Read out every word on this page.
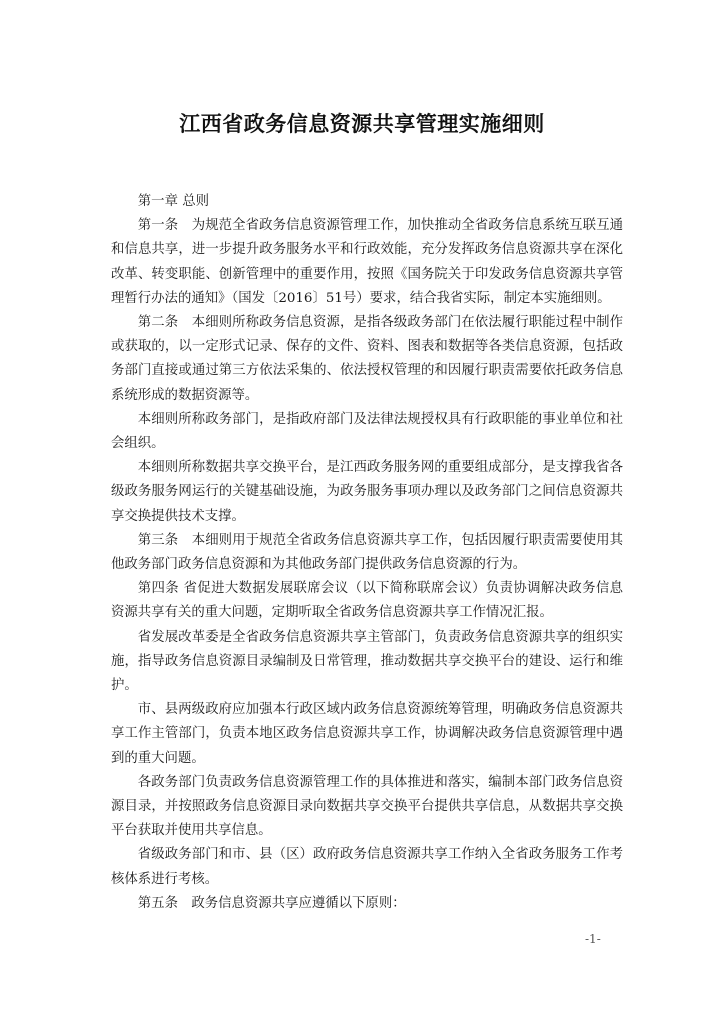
江西省政务信息资源共享管理实施细则

第一章 总则

第一条　为规范全省政务信息资源管理工作，加快推动全省政务信息系统互联互通和信息共享，进一步提升政务服务水平和行政效能，充分发挥政务信息资源共享在深化改革、转变职能、创新管理中的重要作用，按照《国务院关于印发政务信息资源共享管理暂行办法的通知》（国发〔2016〕51号）要求，结合我省实际，制定本实施细则。

第二条　本细则所称政务信息资源，是指各级政务部门在依法履行职能过程中制作或获取的，以一定形式记录、保存的文件、资料、图表和数据等各类信息资源，包括政务部门直接或通过第三方依法采集的、依法授权管理的和因履行职责需要依托政务信息系统形成的数据资源等。

本细则所称政务部门，是指政府部门及法律法规授权具有行政职能的事业单位和社会组织。

本细则所称数据共享交换平台，是江西政务服务网的重要组成部分，是支撑我省各级政务服务网运行的关键基础设施，为政务服务事项办理以及政务部门之间信息资源共享交换提供技术支撑。

第三条　本细则用于规范全省政务信息资源共享工作，包括因履行职责需要使用其他政务部门政务信息资源和为其他政务部门提供政务信息资源的行为。

第四条 省促进大数据发展联席会议（以下简称联席会议）负责协调解决政务信息资源共享有关的重大问题，定期听取全省政务信息资源共享工作情况汇报。

省发展改革委是全省政务信息资源共享主管部门，负责政务信息资源共享的组织实施，指导政务信息资源目录编制及日常管理，推动数据共享交换平台的建设、运行和维护。

市、县两级政府应加强本行政区域内政务信息资源统筹管理，明确政务信息资源共享工作主管部门，负责本地区政务信息资源共享工作，协调解决政务信息资源管理中遇到的重大问题。

各政务部门负责政务信息资源管理工作的具体推进和落实，编制本部门政务信息资源目录，并按照政务信息资源目录向数据共享交换平台提供共享信息，从数据共享交换平台获取并使用共享信息。

省级政务部门和市、县（区）政府政务信息资源共享工作纳入全省政务服务工作考核体系进行考核。

第五条　政务信息资源共享应遵循以下原则：

-1-
